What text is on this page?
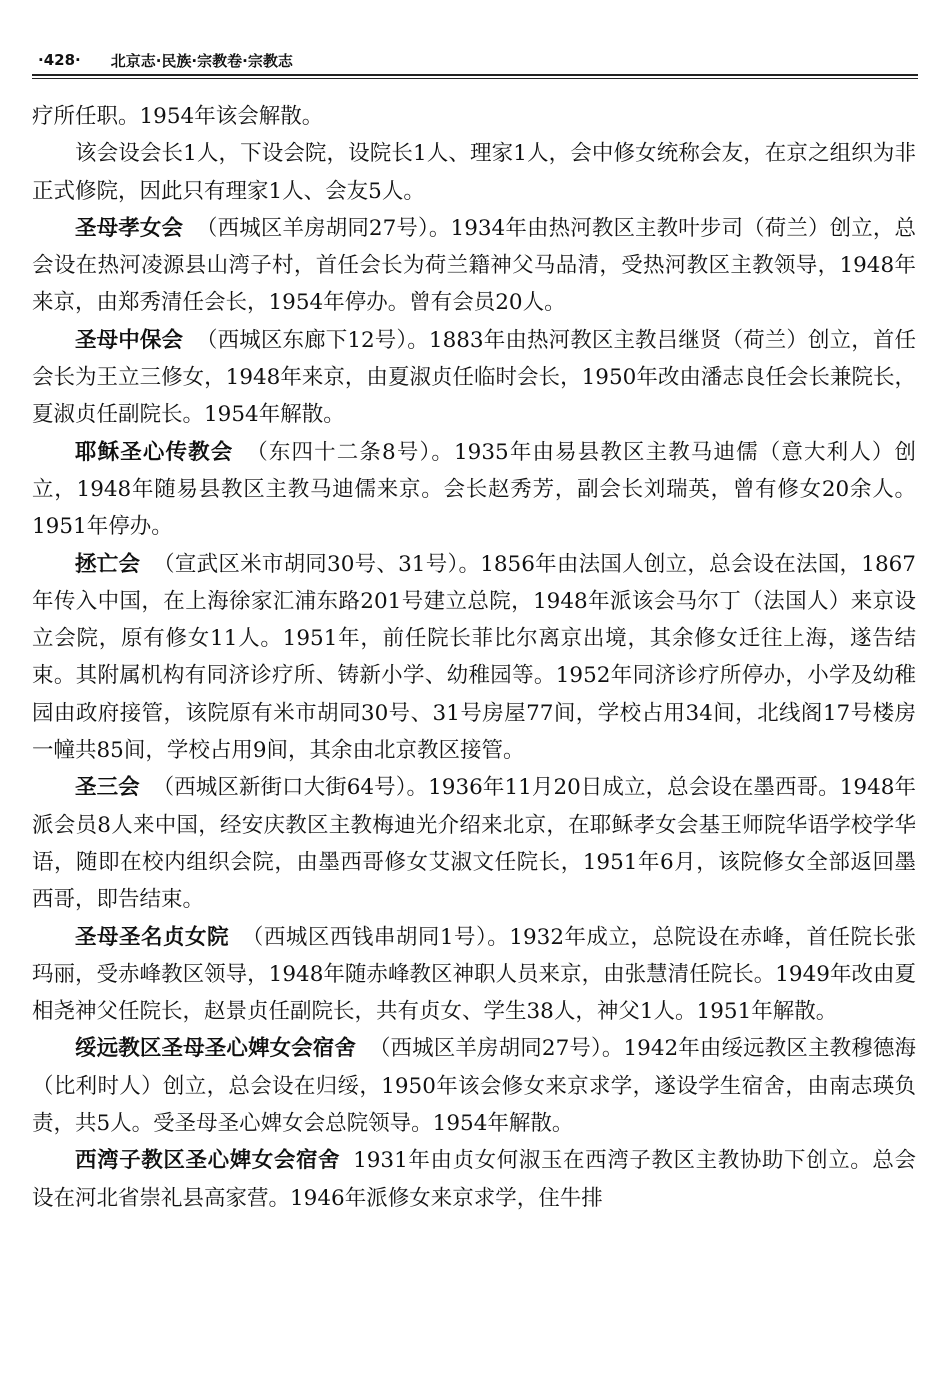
·428· 北京志·民族·宗教卷·宗教志

疗所任职。1954年该会解散。

该会设会长1人，下设会院，设院长1人、理家1人，会中修女统称会友，在京之组织为非正式修院，因此只有理家1人、会友5人。

圣母孝女会 （西城区羊房胡同27号）。1934年由热河教区主教叶步司（荷兰）创立，总会设在热河凌源县山湾子村，首任会长为荷兰籍神父马品清，受热河教区主教领导，1948年来京，由郑秀清任会长，1954年停办。曾有会员20人。

圣母中保会 （西城区东廊下12号）。1883年由热河教区主教吕继贤（荷兰）创立，首任会长为王立三修女，1948年来京，由夏淑贞任临时会长，1950年改由潘志良任会长兼院长，夏淑贞任副院长。1954年解散。

耶稣圣心传教会 （东四十二条8号）。1935年由易县教区主教马迪儒（意大利人）创立，1948年随易县教区主教马迪儒来京。会长赵秀芳，副会长刘瑞英，曾有修女20余人。1951年停办。

拯亡会 （宣武区米市胡同30号、31号）。1856年由法国人创立，总会设在法国，1867年传入中国，在上海徐家汇浦东路201号建立总院，1948年派该会马尔丁（法国人）来京设立会院，原有修女11人。1951年，前任院长菲比尔离京出境，其余修女迁往上海，遂告结束。其附属机构有同济诊疗所、铸新小学、幼稚园等。1952年同济诊疗所停办，小学及幼稚园由政府接管，该院原有米市胡同30号、31号房屋77间，学校占用34间，北线阁17号楼房一幢共85间，学校占用9间，其余由北京教区接管。

圣三会 （西城区新街口大街64号）。1936年11月20日成立，总会设在墨西哥。1948年派会员8人来中国，经安庆教区主教梅迪光介绍来北京，在耶稣孝女会基王师院华语学校学华语，随即在校内组织会院，由墨西哥修女艾淑文任院长，1951年6月，该院修女全部返回墨西哥，即告结束。

圣母圣名贞女院 （西城区西钱串胡同1号）。1932年成立，总院设在赤峰，首任院长张玛丽，受赤峰教区领导，1948年随赤峰教区神职人员来京，由张慧清任院长。1949年改由夏相尧神父任院长，赵景贞任副院长，共有贞女、学生38人，神父1人。1951年解散。

绥远教区圣母圣心婢女会宿舍 （西城区羊房胡同27号）。1942年由绥远教区主教穆德海（比利时人）创立，总会设在归绥，1950年该会修女来京求学，遂设学生宿舍，由南志瑛负责，共5人。受圣母圣心婢女会总院领导。1954年解散。

西湾子教区圣心婢女会宿舍 1931年由贞女何淑玉在西湾子教区主教协助下创立。总会设在河北省崇礼县高家营。1946年派修女来京求学，住牛排
